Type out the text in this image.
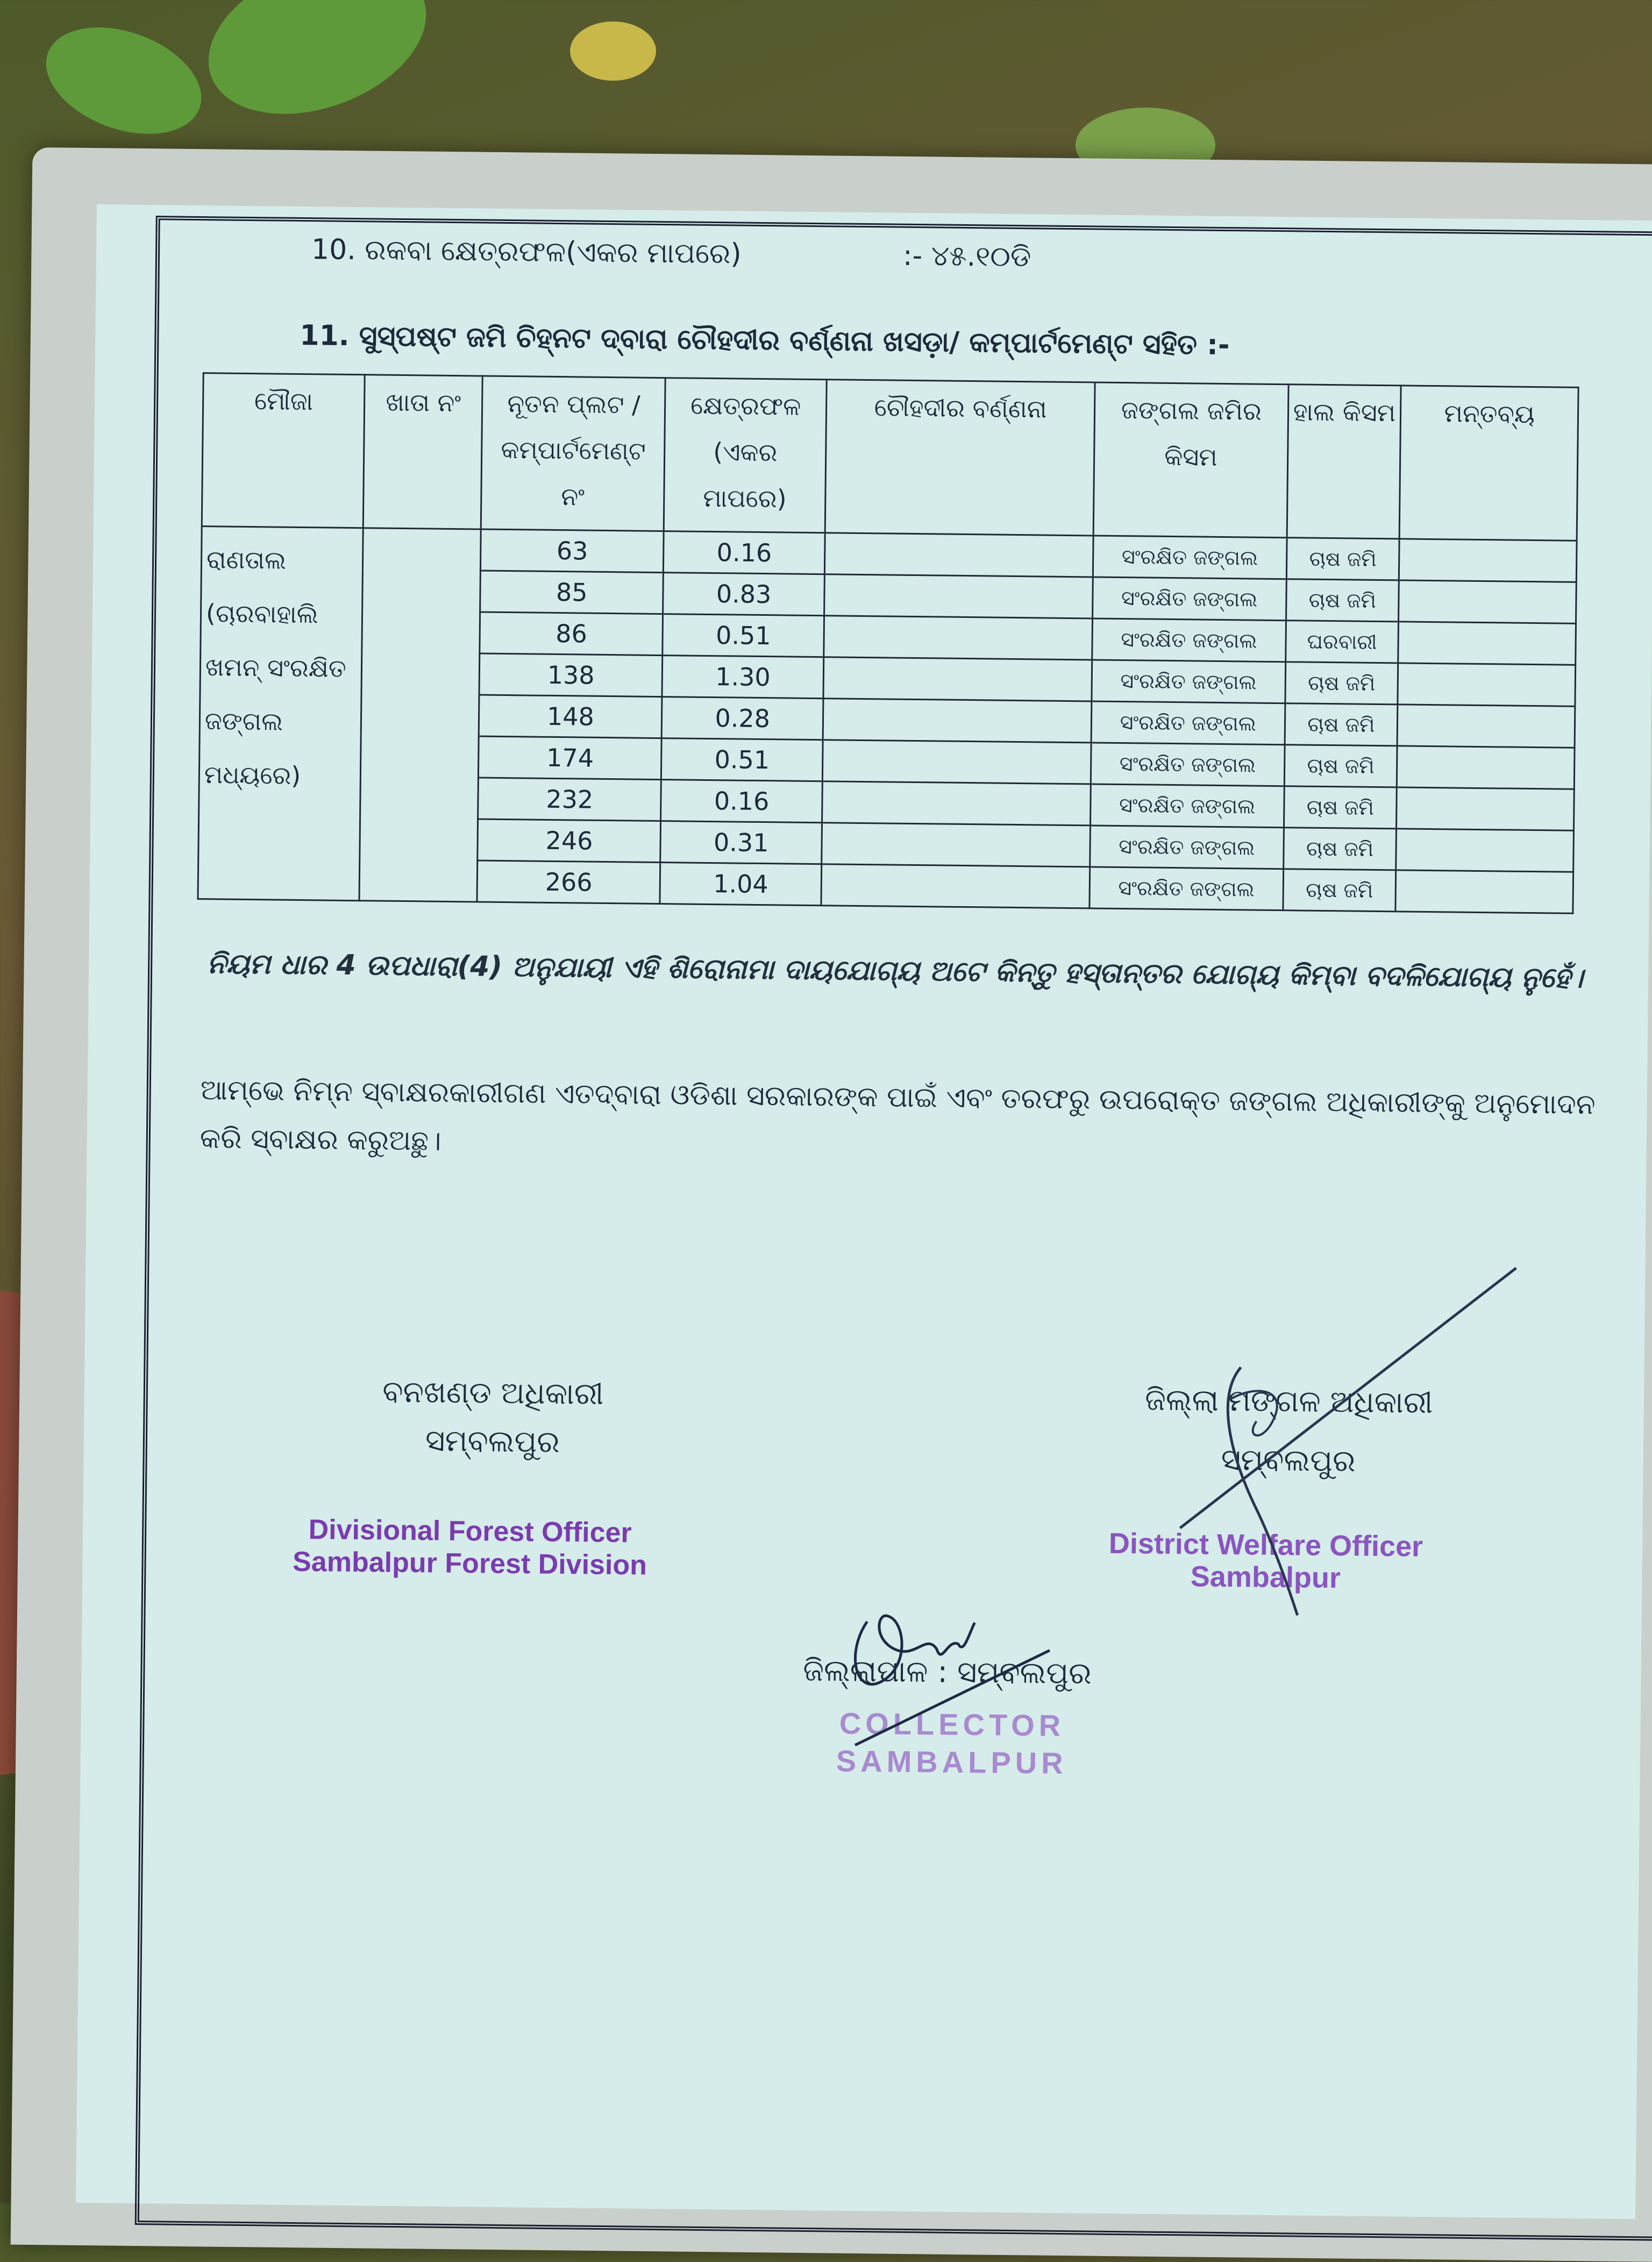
10. ରକବା କ୍ଷେତ୍ରଫଳ(ଏକର ମାପରେ)	:- ୪୫.୧୦ଡି
11. ସୁସ୍ପଷ୍ଟ ଜମି ଚିହ୍ନଟ ଦ୍ବାରା ଚୌହଦୀର ବର୍ଣ୍ଣନା ଖସଡ଼ା/ କମ୍ପାର୍ଟମେଣ୍ଟ ସହିତ :-
ମୌଜା	ଖାତା ନଂ	ନୂତନ ପ୍ଲଟ / କମ୍ପାର୍ଟମେଣ୍ଟ ନଂ	କ୍ଷେତ୍ରଫଳ (ଏକର ମାପରେ)	ଚୌହଦୀର ବର୍ଣ୍ଣନା	ଜଙ୍ଗଲ ଜମିର କିସମ	ହାଲ କିସମ	ମନ୍ତବ୍ୟ
ରାଣତାଲ (ଚାରବାହାଲି ଖମନ୍ ସଂରକ୍ଷିତ ଜଙ୍ଗଲ ମଧ୍ୟରେ)		63	0.16		ସଂରକ୍ଷିତ ଜଙ୍ଗଲ	ଚାଷ ଜମି	
		85	0.83		ସଂରକ୍ଷିତ ଜଙ୍ଗଲ	ଚାଷ ଜମି	
		86	0.51		ସଂରକ୍ଷିତ ଜଙ୍ଗଲ	ଘରବାରୀ	
		138	1.30		ସଂରକ୍ଷିତ ଜଙ୍ଗଲ	ଚାଷ ଜମି	
		148	0.28		ସଂରକ୍ଷିତ ଜଙ୍ଗଲ	ଚାଷ ଜମି	
		174	0.51		ସଂରକ୍ଷିତ ଜଙ୍ଗଲ	ଚାଷ ଜମି	
		232	0.16		ସଂରକ୍ଷିତ ଜଙ୍ଗଲ	ଚାଷ ଜମି	
		246	0.31		ସଂରକ୍ଷିତ ଜଙ୍ଗଲ	ଚାଷ ଜମି	
		266	1.04		ସଂରକ୍ଷିତ ଜଙ୍ଗଲ	ଚାଷ ଜମି	
ନିୟମ ଧାର 4 ଉପଧାରା(4) ଅନୁଯାୟୀ ଏହି ଶିରୋନାମା ଦାୟଯୋଗ୍ୟ ଅଟେ କିନ୍ତୁ ହସ୍ତାନ୍ତର ଯୋଗ୍ୟ କିମ୍ବା ବଦଳିଯୋଗ୍ୟ ନୁହେଁ।
ଆମ୍ଭେ ନିମ୍ନ ସ୍ବାକ୍ଷରକାରୀଗଣ ଏତଦ୍ବାରା ଓଡିଶା ସରକାରଙ୍କ ପାଇଁ ଏବଂ ତରଫରୁ ଉପରୋକ୍ତ ଜଙ୍ଗଲ ଅଧିକାରୀଙ୍କୁ ଅନୁମୋଦନ କରି ସ୍ବାକ୍ଷର କରୁଅଛୁ।
ବନଖଣ୍ଡ ଅଧିକାରୀ
ସମ୍ବଲପୁର
Divisional Forest Officer
Sambalpur Forest Division
ଜିଲ୍ଲା ମଙ୍ଗଳ ଅଧିକାରୀ
ସମ୍ବଲପୁର
District Welfare Officer
Sambalpur
ଜିଲ୍ଲାପାଳ : ସମ୍ବଲପୁର
COLLECTOR
SAMBALPUR
